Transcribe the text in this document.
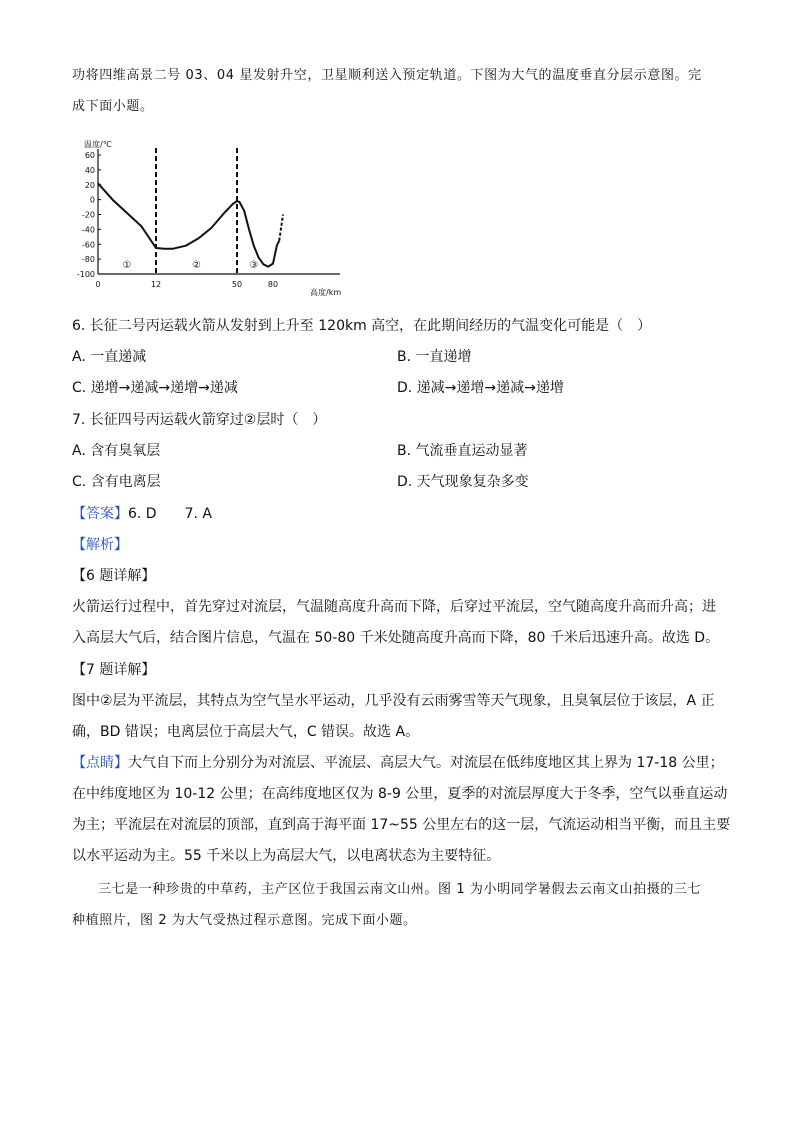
功将四维高景二号 03、04 星发射升空，卫星顺利送入预定轨道。下图为大气的温度垂直分层示意图。完
成下面小题。
温度/℃
高度/km
60
40
20
0
-20
-40
-60
-80
-100
0	12	50	80
①	②	③
6. 长征二号丙运载火箭从发射到上升至 120km 高空，在此期间经历的气温变化可能是（　）
A. 一直递减	B. 一直递增
C. 递增→递减→递增→递减	D. 递减→递增→递减→递增
7. 长征四号丙运载火箭穿过②层时（　）
A. 含有臭氧层	B. 气流垂直运动显著
C. 含有电离层	D. 天气现象复杂多变
【答案】6. D　　7. A
【解析】
【6 题详解】
火箭运行过程中，首先穿过对流层，气温随高度升高而下降，后穿过平流层，空气随高度升高而升高；进
入高层大气后，结合图片信息，气温在 50-80 千米处随高度升高而下降，80 千米后迅速升高。故选 D。
【7 题详解】
图中②层为平流层，其特点为空气呈水平运动，几乎没有云雨雾雪等天气现象，且臭氧层位于该层，A 正
确，BD 错误；电离层位于高层大气，C 错误。故选 A。
【点睛】大气自下而上分别分为对流层、平流层、高层大气。对流层在低纬度地区其上界为 17-18 公里；
在中纬度地区为 10-12 公里；在高纬度地区仅为 8-9 公里，夏季的对流层厚度大于冬季，空气以垂直运动
为主；平流层在对流层的顶部，直到高于海平面 17~55 公里左右的这一层，气流运动相当平衡，而且主要
以水平运动为主。55 千米以上为高层大气，以电离状态为主要特征。
三七是一种珍贵的中草药，主产区位于我国云南文山州。图 1 为小明同学暑假去云南文山拍摄的三七
种植照片，图 2 为大气受热过程示意图。完成下面小题。
